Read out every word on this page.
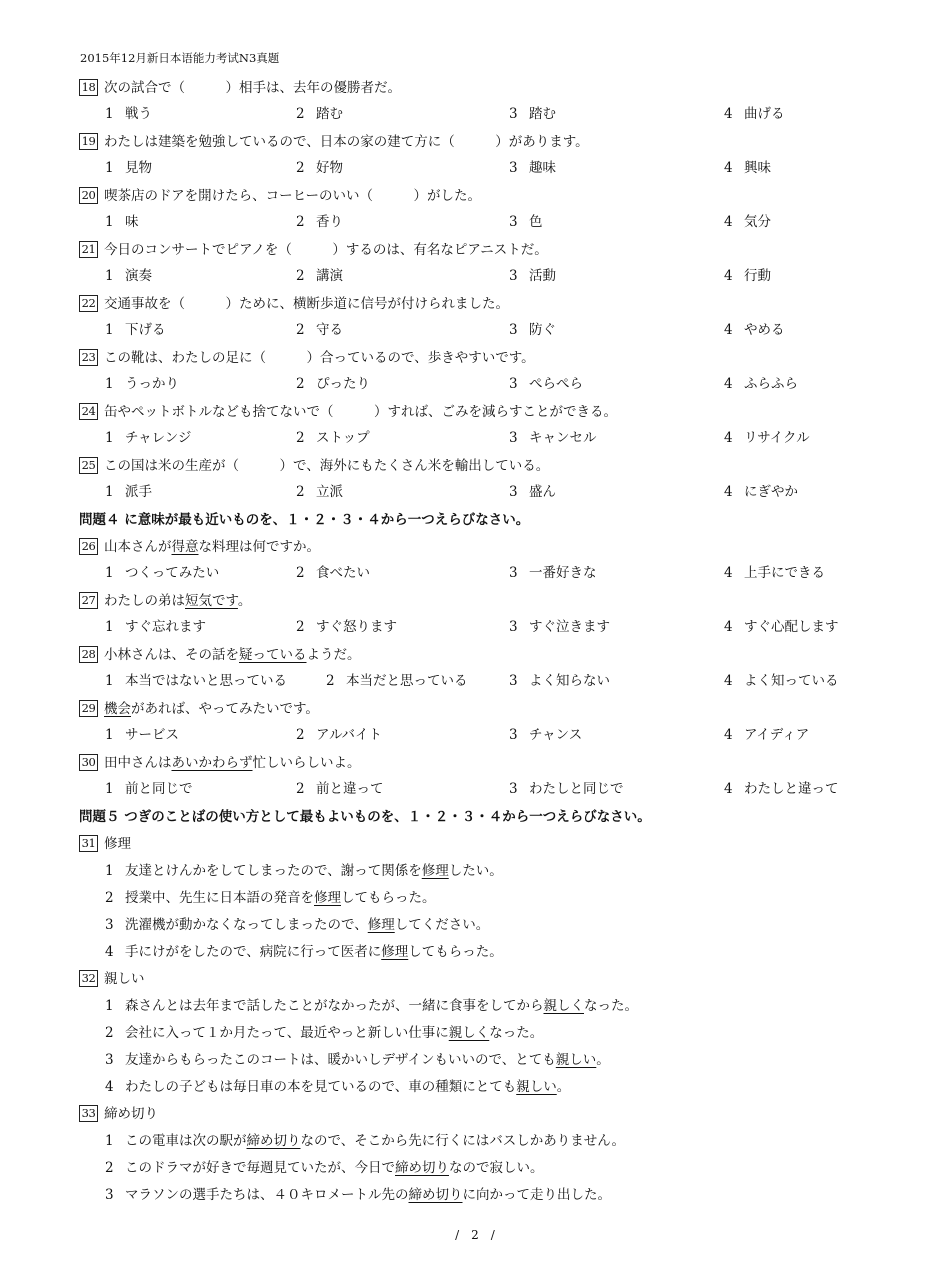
2015年12月新日本语能力考试N3真题
18 次の試合で（　　　）相手は、去年の優勝者だ。
1 戦う	2 踏む	3 踏む	4 曲げる
19 わたしは建築を勉強しているので、日本の家の建て方に（　　　）があります。
1 見物	2 好物	3 趣味	4 興味
20 喫茶店のドアを開けたら、コーヒーのいい（　　　）がした。
1 味	2 香り	3 色	4 気分
21 今日のコンサートでピアノを（　　　）するのは、有名なピアニストだ。
1 演奏	2 講演	3 活動	4 行動
22 交通事故を（　　　）ために、横断歩道に信号が付けられました。
1 下げる	2 守る	3 防ぐ	4 やめる
23 この靴は、わたしの足に（　　　）合っているので、歩きやすいです。
1 うっかり	2 ぴったり	3 ぺらぺら	4 ふらふら
24 缶やペットボトルなども捨てないで（　　　）すれば、ごみを減らすことができる。
1 チャレンジ	2 ストップ	3 キャンセル	4 リサイクル
25 この国は米の生産が（　　　）で、海外にもたくさん米を輸出している。
1 派手	2 立派	3 盛ん	4 にぎやか
問題４ に意味が最も近いものを、１・２・３・４から一つえらびなさい。
26 山本さんが得意な料理は何ですか。
1 つくってみたい	2 食べたい	3 一番好きな	4 上手にできる
27 わたしの弟は短気です。
1 すぐ忘れます	2 すぐ怒ります	3 すぐ泣きます	4 すぐ心配します
28 小林さんは、その話を疑っているようだ。
1 本当ではないと思っている	2 本当だと思っている	3 よく知らない	4 よく知っている
29 機会があれば、やってみたいです。
1 サービス	2 アルバイト	3 チャンス	4 アイディア
30 田中さんはあいかわらず忙しいらしいよ。
1 前と同じで	2 前と違って	3 わたしと同じで	4 わたしと違って
問題５ つぎのことばの使い方として最もよいものを、１・２・３・４から一つえらびなさい。
31 修理
1 友達とけんかをしてしまったので、謝って関係を修理したい。
2 授業中、先生に日本語の発音を修理してもらった。
3 洗濯機が動かなくなってしまったので、修理してください。
4 手にけがをしたので、病院に行って医者に修理してもらった。
32 親しい
1 森さんとは去年まで話したことがなかったが、一緒に食事をしてから親しくなった。
2 会社に入って１か月たって、最近やっと新しい仕事に親しくなった。
3 友達からもらったこのコートは、暖かいしデザインもいいので、とても親しい。
4 わたしの子どもは毎日車の本を見ているので、車の種類にとても親しい。
33 締め切り
1 この電車は次の駅が締め切りなので、そこから先に行くにはバスしかありません。
2 このドラマが好きで毎週見ていたが、今日で締め切りなので寂しい。
3 マラソンの選手たちは、４０キロメートル先の締め切りに向かって走り出した。
/　2　/
